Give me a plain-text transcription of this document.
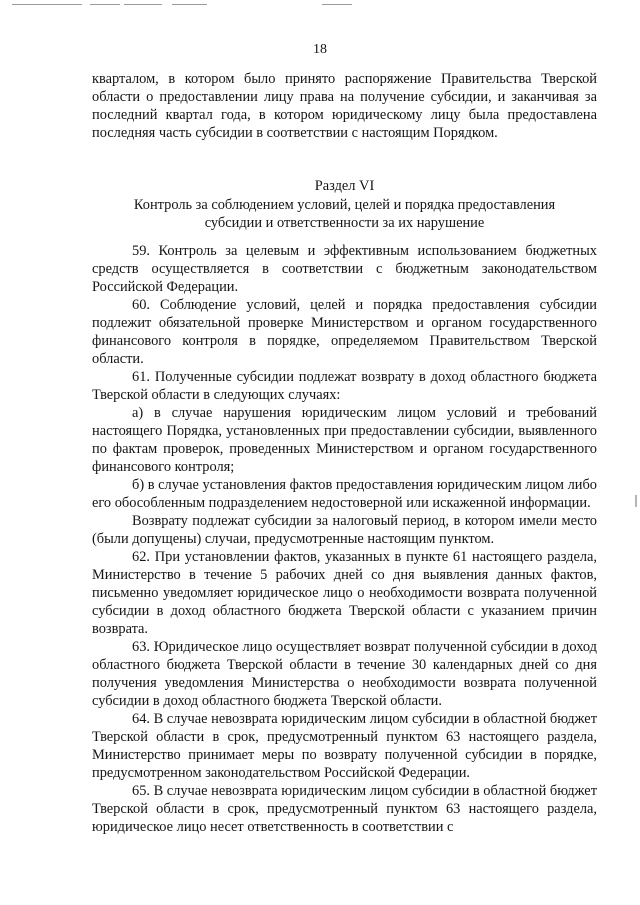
18

кварталом, в котором было принято распоряжение Правительства Тверской области о предоставлении лицу права на получение субсидии, и заканчивая за последний квартал года, в котором юридическому лицу была предоставлена последняя часть субсидии в соответствии с настоящим Порядком.

Раздел VI
Контроль за соблюдением условий, целей и порядка предоставления
субсидии и ответственности за их нарушение

59. Контроль за целевым и эффективным использованием бюджетных средств осуществляется в соответствии с бюджетным законодательством Российской Федерации.

60. Соблюдение условий, целей и порядка предоставления субсидии подлежит обязательной проверке Министерством и органом государственного финансового контроля в порядке, определяемом Правительством Тверской области.

61. Полученные субсидии подлежат возврату в доход областного бюджета Тверской области в следующих случаях:

а) в случае нарушения юридическим лицом условий и требований настоящего Порядка, установленных при предоставлении субсидии, выявленного по фактам проверок, проведенных Министерством и органом государственного финансового контроля;

б) в случае установления фактов предоставления юридическим лицом либо его обособленным подразделением недостоверной или искаженной информации.

Возврату подлежат субсидии за налоговый период, в котором имели место (были допущены) случаи, предусмотренные настоящим пунктом.

62. При установлении фактов, указанных в пункте 61 настоящего раздела, Министерство в течение 5 рабочих дней со дня выявления данных фактов, письменно уведомляет юридическое лицо о необходимости возврата полученной субсидии в доход областного бюджета Тверской области с указанием причин возврата.

63. Юридическое лицо осуществляет возврат полученной субсидии в доход областного бюджета Тверской области в течение 30 календарных дней со дня получения уведомления Министерства о необходимости возврата полученной субсидии в доход областного бюджета Тверской области.

64. В случае невозврата юридическим лицом субсидии в областной бюджет Тверской области в срок, предусмотренный пунктом 63 настоящего раздела, Министерство принимает меры по возврату полученной субсидии в порядке, предусмотренном законодательством Российской Федерации.

65. В случае невозврата юридическим лицом субсидии в областной бюджет Тверской области в срок, предусмотренный пунктом 63 настоящего раздела, юридическое лицо несет ответственность в соответствии с
